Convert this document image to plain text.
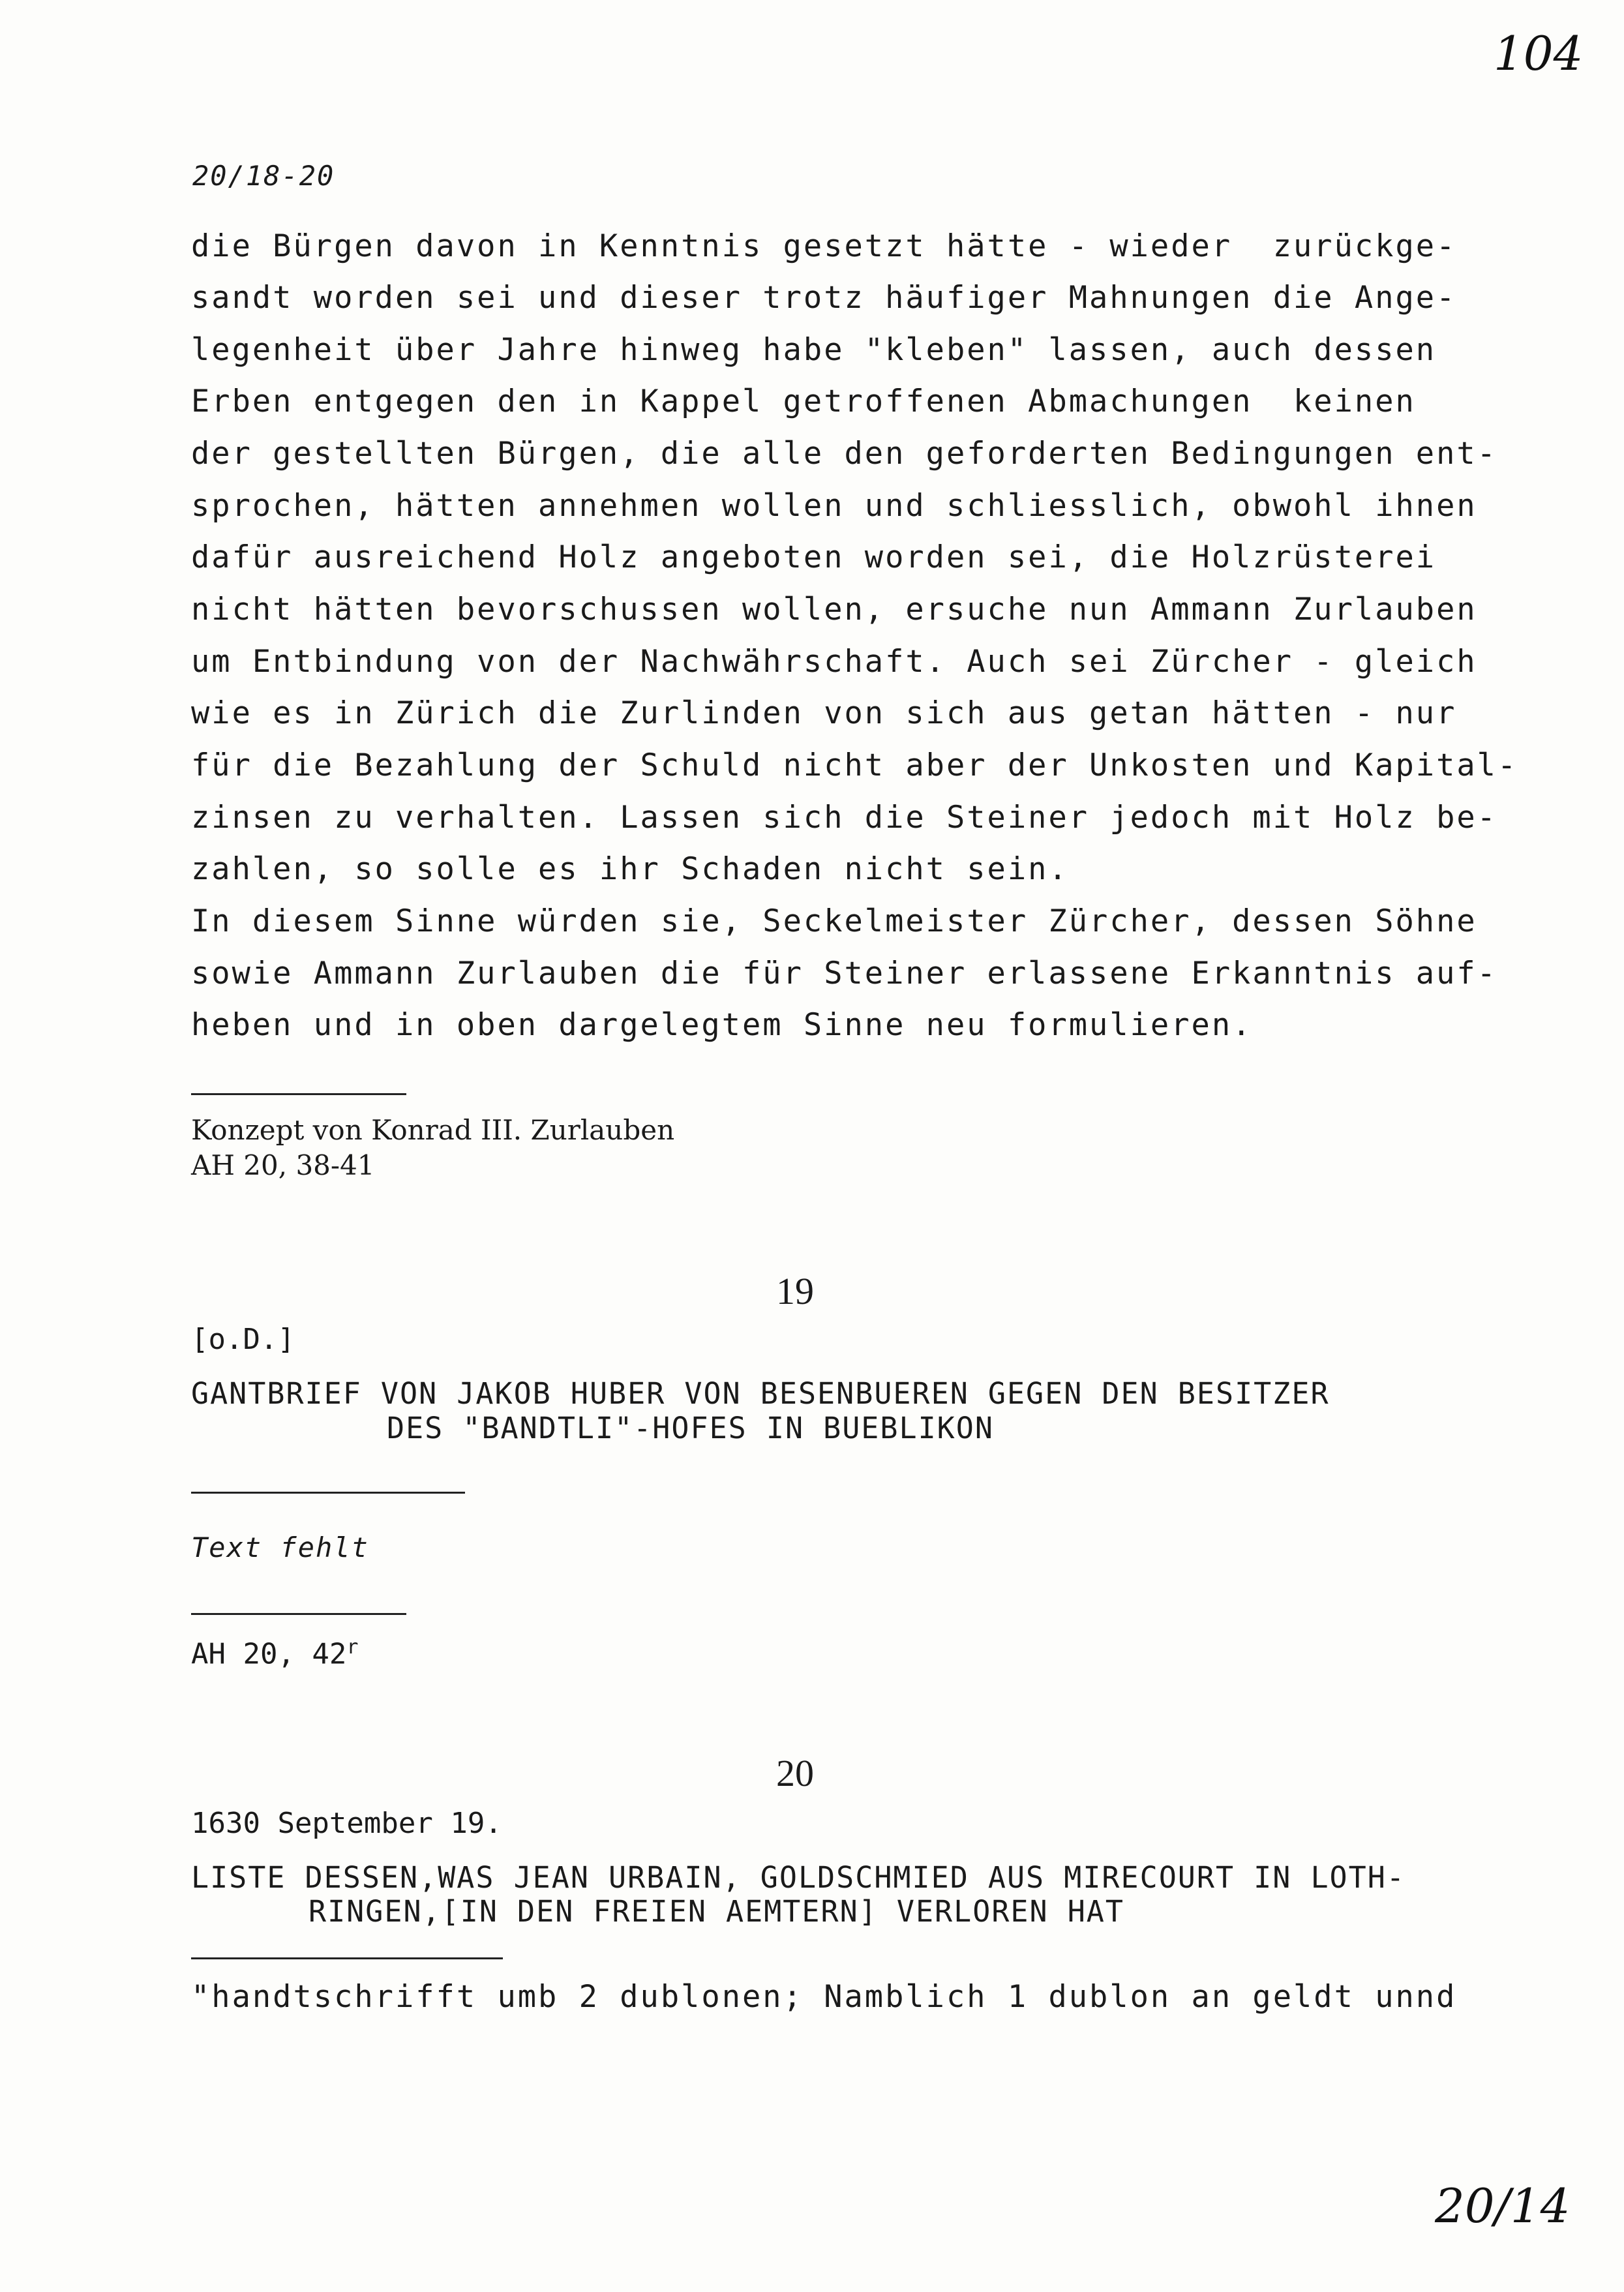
104
20/18-20
die Bürgen davon in Kenntnis gesetzt hätte - wieder  zurückge-
sandt worden sei und dieser trotz häufiger Mahnungen die Ange-
legenheit über Jahre hinweg habe "kleben" lassen, auch dessen
Erben entgegen den in Kappel getroffenen Abmachungen  keinen
der gestellten Bürgen, die alle den geforderten Bedingungen ent-
sprochen, hätten annehmen wollen und schliesslich, obwohl ihnen
dafür ausreichend Holz angeboten worden sei, die Holzrüsterei
nicht hätten bevorschussen wollen, ersuche nun Ammann Zurlauben
um Entbindung von der Nachwährschaft. Auch sei Zürcher - gleich
wie es in Zürich die Zurlinden von sich aus getan hätten - nur
für die Bezahlung der Schuld nicht aber der Unkosten und Kapital-
zinsen zu verhalten. Lassen sich die Steiner jedoch mit Holz be-
zahlen, so solle es ihr Schaden nicht sein.
In diesem Sinne würden sie, Seckelmeister Zürcher, dessen Söhne
sowie Ammann Zurlauben die für Steiner erlassene Erkanntnis auf-
heben und in oben dargelegtem Sinne neu formulieren.
Konzept von Konrad III. Zurlauben
AH 20, 38-41
19
[o.D.]
GANTBRIEF VON JAKOB HUBER VON BESENBUEREN GEGEN DEN BESITZER
DES "BANDTLI"-HOFES IN BUEBLIKON
Text fehlt
AH 20, 42$^r$
20
1630 September 19.
LISTE DESSEN,WAS JEAN URBAIN, GOLDSCHMIED AUS MIRECOURT IN LOTH-
RINGEN,[IN DEN FREIEN AEMTERN] VERLOREN HAT
"handtschrifft umb 2 dublonen; Namblich 1 dublon an geldt unnd
20/14
